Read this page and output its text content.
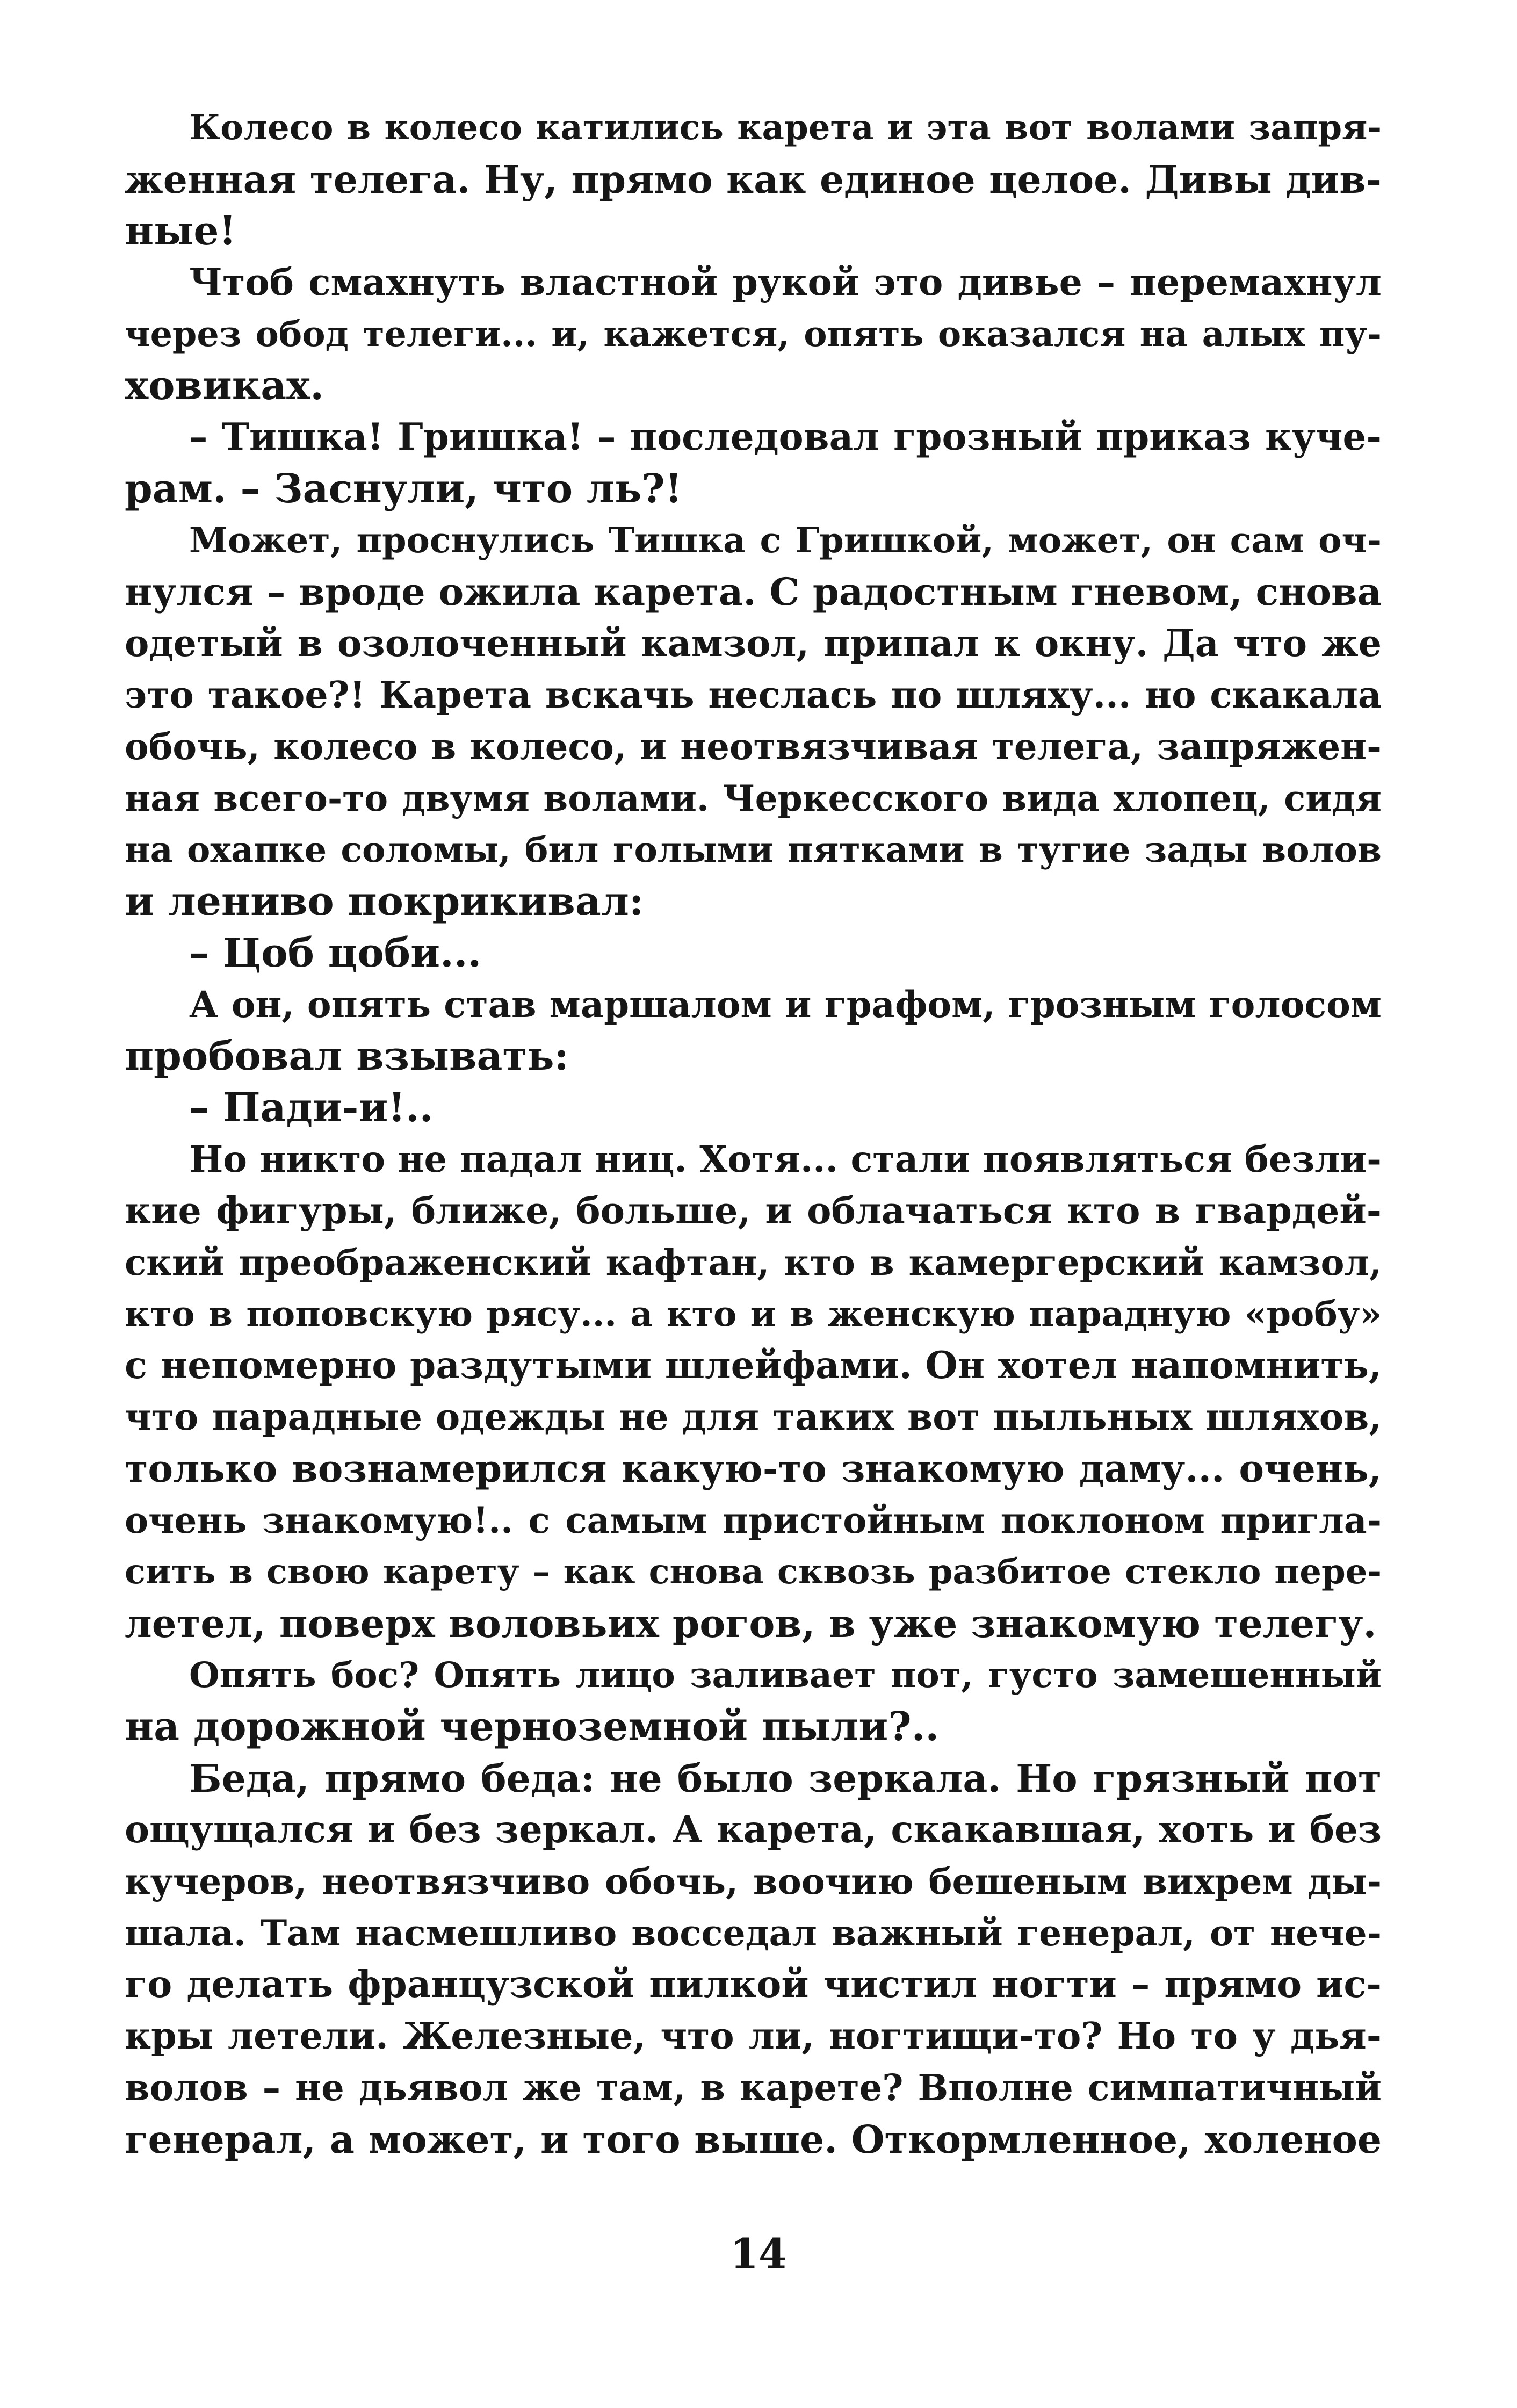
Колесо в колесо катились карета и эта вот волами запря-
женная телега. Ну, прямо как единое целое. Дивы див-
ные!
Чтоб смахнуть властной рукой это дивье – перемахнул
через обод телеги... и, кажется, опять оказался на алых пу-
ховиках.
– Тишка! Гришка! – последовал грозный приказ куче-
рам. – Заснули, что ль?!
Может, проснулись Тишка с Гришкой, может, он сам оч-
нулся – вроде ожила карета. С радостным гневом, снова
одетый в озолоченный камзол, припал к окну. Да что же
это такое?! Карета вскачь неслась по шляху... но скакала
обочь, колесо в колесо, и неотвязчивая телега, запряжен-
ная всего-то двумя волами. Черкесского вида хлопец, сидя
на охапке соломы, бил голыми пятками в тугие зады волов
и лениво покрикивал:
– Цоб цоби...
А он, опять став маршалом и графом, грозным голосом
пробовал взывать:
– Пади-и!..
Но никто не падал ниц. Хотя... стали появляться безли-
кие фигуры, ближе, больше, и облачаться кто в гвардей-
ский преображенский кафтан, кто в камергерский камзол,
кто в поповскую рясу... а кто и в женскую парадную «робу»
с непомерно раздутыми шлейфами. Он хотел напомнить,
что парадные одежды не для таких вот пыльных шляхов,
только вознамерился какую-то знакомую даму... очень,
очень знакомую!.. с самым пристойным поклоном пригла-
сить в свою карету – как снова сквозь разбитое стекло пере-
летел, поверх воловьих рогов, в уже знакомую телегу.
Опять бос? Опять лицо заливает пот, густо замешенный
на дорожной черноземной пыли?..
Беда, прямо беда: не было зеркала. Но грязный пот
ощущался и без зеркал. А карета, скакавшая, хоть и без
кучеров, неотвязчиво обочь, воочию бешеным вихрем ды-
шала. Там насмешливо восседал важный генерал, от нече-
го делать французской пилкой чистил ногти – прямо ис-
кры летели. Железные, что ли, ногтищи-то? Но то у дья-
волов – не дьявол же там, в карете? Вполне симпатичный
генерал, а может, и того выше. Откормленное, холеное
14
